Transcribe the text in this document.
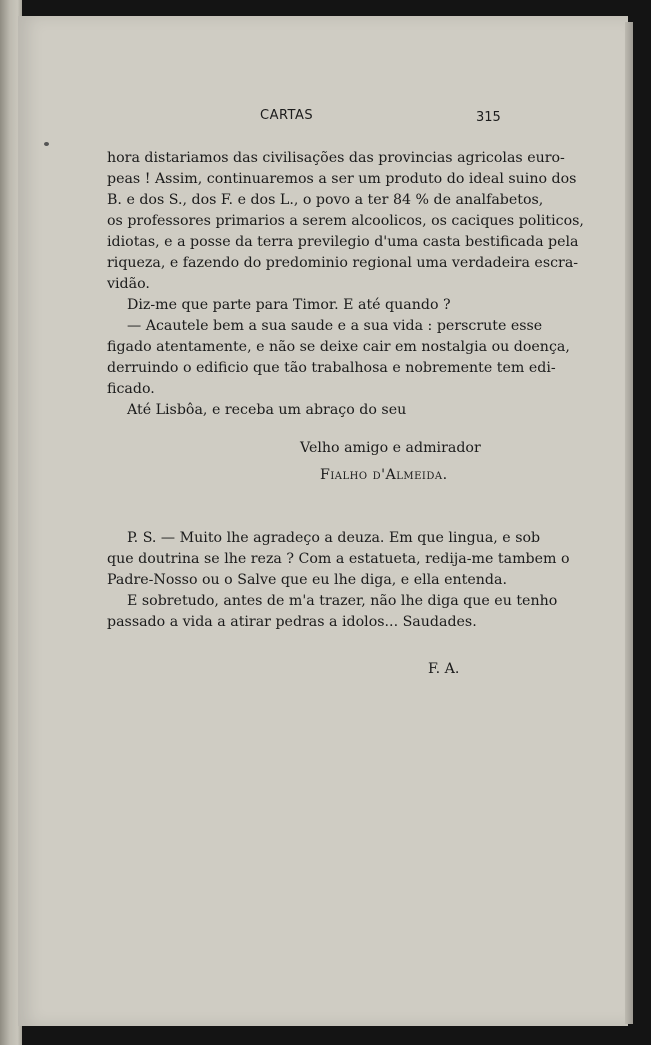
CARTAS	315
hora distariamos das civilisações das provincias agricolas euro-
peas ! Assim, continuaremos a ser um produto do ideal suino dos
B. e dos S., dos F. e dos L., o povo a ter 84 % de analfabetos,
os professores primarios a serem alcoolicos, os caciques politicos,
idiotas, e a posse da terra previlegio d'uma casta bestificada pela
riqueza, e fazendo do predominio regional uma verdadeira escra-
vidão.
Diz-me que parte para Timor. E até quando ?
— Acautele bem a sua saude e a sua vida : perscrute esse
figado atentamente, e não se deixe cair em nostalgia ou doença,
derruindo o edificio que tão trabalhosa e nobremente tem edi-
ficado.
Até Lisbôa, e receba um abraço do seu
Velho amigo e admirador
Fialho d'Almeida.
P. S. — Muito lhe agradeço a deuza. Em que lingua, e sob
que doutrina se lhe reza ? Com a estatueta, redija-me tambem o
Padre-Nosso ou o Salve que eu lhe diga, e ella entenda.
E sobretudo, antes de m'a trazer, não lhe diga que eu tenho
passado a vida a atirar pedras a idolos... Saudades.
F. A.
